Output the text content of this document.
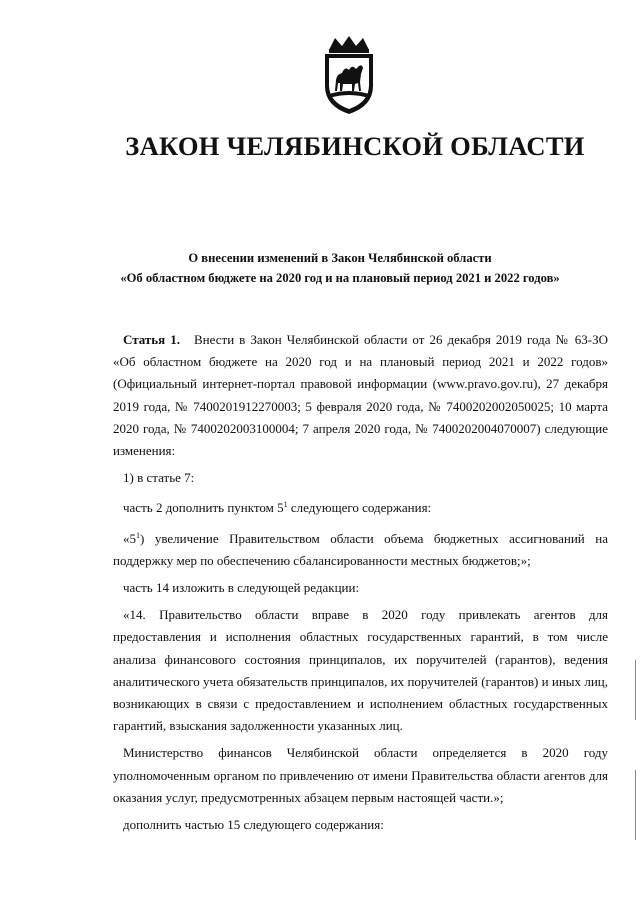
ЗАКОН ЧЕЛЯБИНСКОЙ ОБЛАСТИ
О внесении изменений в Закон Челябинской области
«Об областном бюджете на 2020 год и на плановый период 2021 и 2022 годов»

Статья 1. Внести в Закон Челябинской области от 26 декабря 2019 года № 63-ЗО «Об областном бюджете на 2020 год и на плановый период 2021 и 2022 годов» (Официальный интернет-портал правовой информации (www.pravo.gov.ru), 27 декабря 2019 года, № 7400201912270003; 5 февраля 2020 года, № 7400202002050025; 10 марта 2020 года, № 7400202003100004; 7 апреля 2020 года, № 7400202004070007) следующие изменения:

1) в статье 7:

часть 2 дополнить пунктом $5^1$ следующего содержания:

«$5^1$) увеличение Правительством области объема бюджетных ассигнований на поддержку мер по обеспечению сбалансированности местных бюджетов;»;

часть 14 изложить в следующей редакции:

«14. Правительство области вправе в 2020 году привлекать агентов для предоставления и исполнения областных государственных гарантий, в том числе анализа финансового состояния принципалов, их поручителей (гарантов), ведения аналитического учета обязательств принципалов, их поручителей (гарантов) и иных лиц, возникающих в связи с предоставлением и исполнением областных государственных гарантий, взыскания задолженности указанных лиц.

Министерство финансов Челябинской области определяется в 2020 году уполномоченным органом по привлечению от имени Правительства области агентов для оказания услуг, предусмотренных абзацем первым настоящей части.»;

дополнить частью 15 следующего содержания:
